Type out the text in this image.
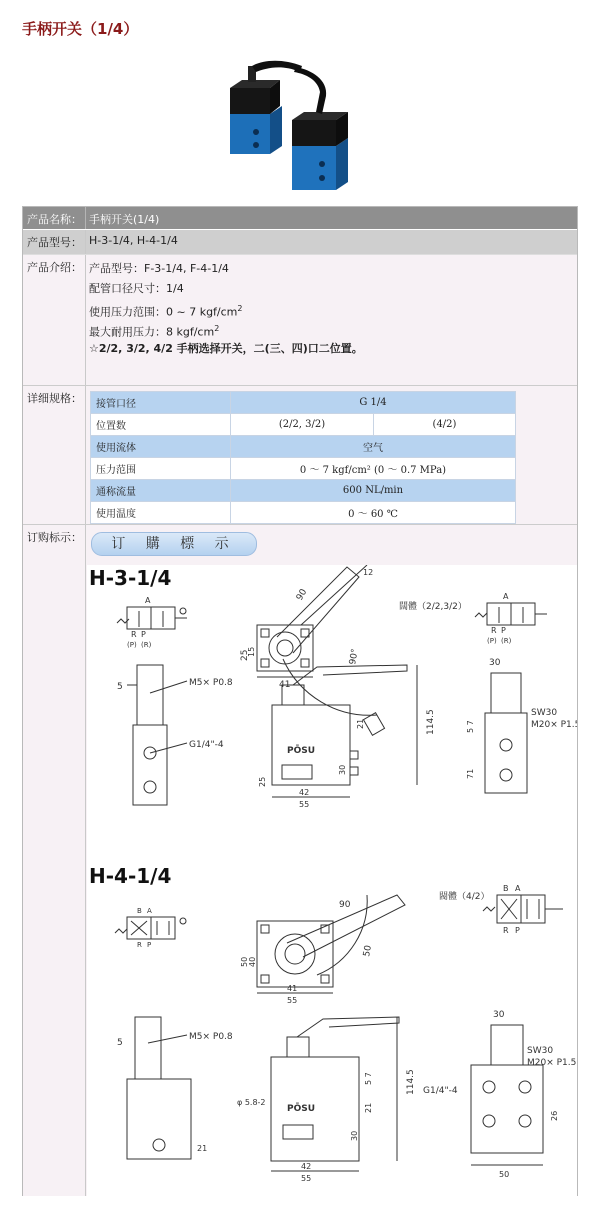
手柄开关（1/4）
产品名称： 手柄开关(1/4)
产品型号： H-3-1/4, H-4-1/4
产品介绍： 产品型号：F-3-1/4, F-4-1/4
配管口径尺寸：1/4
使用压力范围：0 ~ 7 kgf/$cm^2$
最大耐用压力：8 kgf/$cm^2$
☆2/2, 3/2, 4/2 手柄选择开关，二(三、四)口二位置。
详细规格：	接管口径	G 1/4	
位置数	(2/2, 3/2)	(4/2)
使用流体	空气	
压力范围	0 ～ 7 kgf/cm² (0 ～ 0.7 MPa)	
通称流量	600 NL/min	
使用温度	0 ～ 60 ℃	

订购标示：	订 購 標 示
H-3-1/4
A
R P
(P) (R)
90
12
90°
25
15
41
闊體（2/2,3/2）
A
R P
(P) (R)
5	M5× P0.8
G1/4"-4
PŌSU
114.5
21
30
25
42
55
30
SW30
M20× P1.5
5 7
71
H-4-1/4
B A
R P
90
50
50 40
41
55
閥體（4/2）
B A
R P
5
M5× P0.8
21
PŌSU
φ 5.8-2
114.5
5 7
21
30
42
55
30
SW30
M20× P1.5
G1/4"-4
26
50
